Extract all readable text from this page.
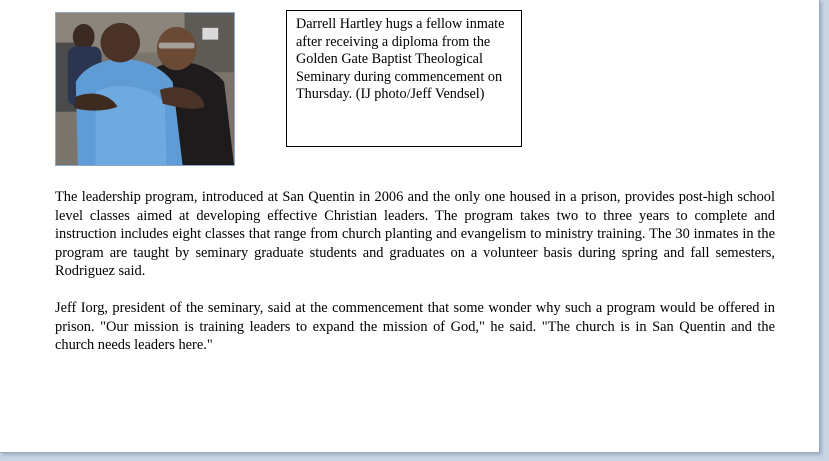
Darrell Hartley hugs a fellow inmate after receiving a diploma from the Golden Gate Baptist Theological Seminary during commencement on Thursday. (IJ photo/Jeff Vendsel)

The leadership program, introduced at San Quentin in 2006 and the only one housed in a prison, provides post-high school level classes aimed at developing effective Christian leaders. The program takes two to three years to complete and instruction includes eight classes that range from church planting and evangelism to ministry training. The 30 inmates in the program are taught by seminary graduate students and graduates on a volunteer basis during spring and fall semesters, Rodriguez said.

Jeff Iorg, president of the seminary, said at the commencement that some wonder why such a program would be offered in prison. "Our mission is training leaders to expand the mission of God," he said. "The church is in San Quentin and the church needs leaders here."
